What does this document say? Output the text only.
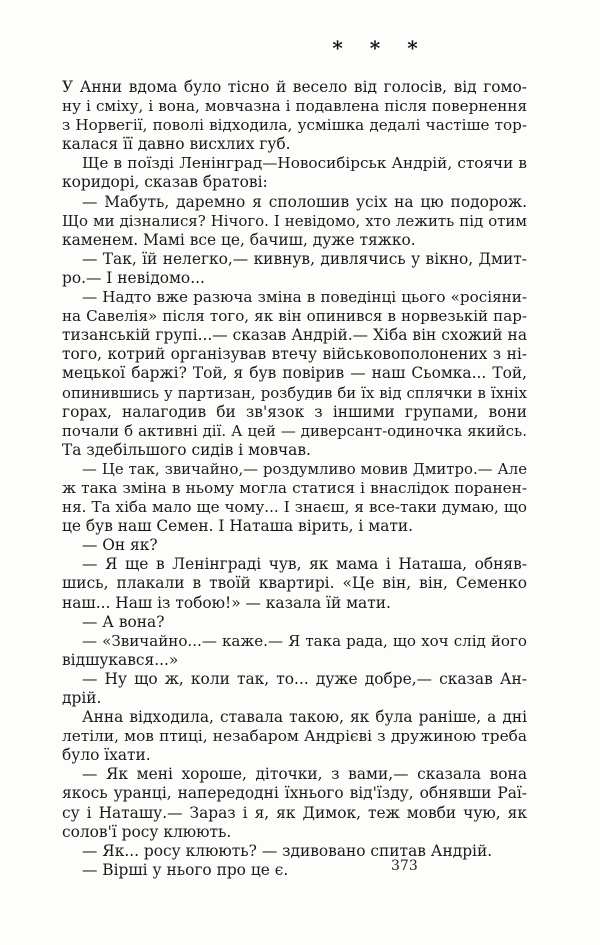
* * *
У Анни вдома було тісно й весело від голосів, від гомо-
ну і сміху, і вона, мовчазна і подавлена після повернення
з Норвегії, поволі відходила, усмішка дедалі частіше тор-
калася її давно висхлих губ.
Ще в поїзді Ленінград—Новосибірськ Андрій, стоячи в
коридорі, сказав братові:
— Мабуть, даремно я сполошив усіх на цю подорож.
Що ми дізналися? Нічого. І невідомо, хто лежить під отим
каменем. Мамі все це, бачиш, дуже тяжко.
— Так, їй нелегко,— кивнув, дивлячись у вікно, Дмит-
ро.— І невідомо...
— Надто вже разюча зміна в поведінці цього «росіяни-
на Савелія» після того, як він опинився в норвезькій пар-
тизанській групі...— сказав Андрій.— Хіба він схожий на
того, котрий організував втечу військовополонених з ні-
мецької баржі? Той, я був повірив — наш Сьомка... Той,
опинившись у партизан, розбудив би їх від сплячки в їхніх
горах, налагодив би зв'язок з іншими групами, вони
почали б активні дії. А цей — диверсант-одиночка якийсь.
Та здебільшого сидів і мовчав.
— Це так, звичайно,— роздумливо мовив Дмитро.— Але
ж така зміна в ньому могла статися і внаслідок поранен-
ня. Та хіба мало ще чому... І знаєш, я все-таки думаю, що
це був наш Семен. І Наташа вірить, і мати.
— Он як?
— Я ще в Ленінграді чув, як мама і Наташа, обняв-
шись, плакали в твоїй квартирі. «Це він, він, Семенко
наш... Наш із тобою!» — казала їй мати.
— А вона?
— «Звичайно...— каже.— Я така рада, що хоч слід його
відшукався...»
— Ну що ж, коли так, то... дуже добре,— сказав Ан-
дрій.
Анна відходила, ставала такою, як була раніше, а дні
летіли, мов птиці, незабаром Андрієві з дружиною треба
було їхати.
— Як мені хороше, діточки, з вами,— сказала вона
якось уранці, напередодні їхнього від'їзду, обнявши Раї-
су і Наташу.— Зараз і я, як Димок, теж мовби чую, як
солов'ї росу клюють.
— Як... росу клюють? — здивовано спитав Андрій.
— Вірші у нього про це є.	373
